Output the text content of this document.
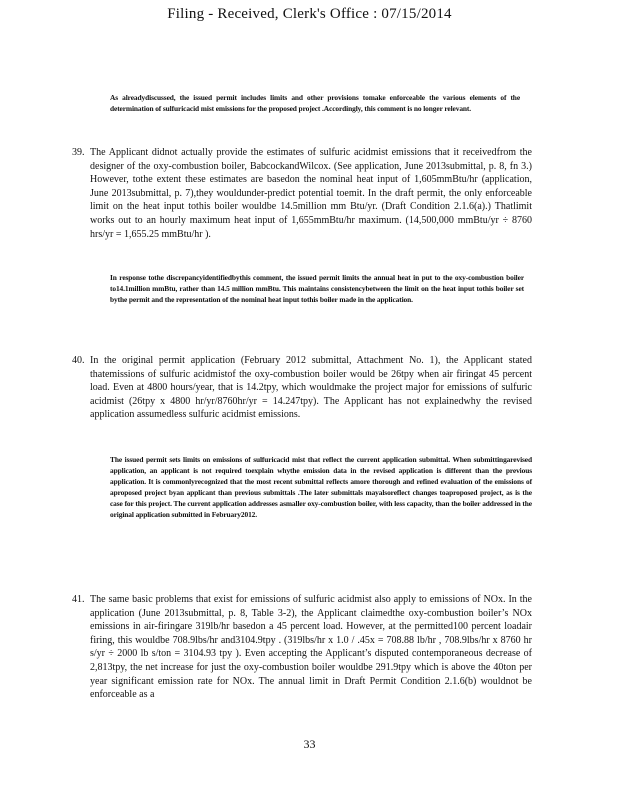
Filing - Received, Clerk's Office : 07/15/2014

As alreadydiscussed, the issued permit includes limits and other provisions tomake enforceable the various elements of the determination of sulfuricacid mist emissions for the proposed project .Accordingly, this comment is no longer relevant.

39. The Applicant didnot actually provide the estimates of sulfuric acidmist emissions that it receivedfrom the designer of the oxy-combustion boiler, BabcockandWilcox. (See application, June 2013submittal, p. 8, fn 3.) However, tothe extent these estimates are basedon the nominal heat input of 1,605mmBtu/hr (application, June 2013submittal, p. 7),they wouldunder-predict potential toemit. In the draft permit, the only enforceable limit on the heat input tothis boiler wouldbe 14.5million mm Btu/yr. (Draft Condition 2.1.6(a).) Thatlimit works out to an hourly maximum heat input of 1,655mmBtu/hr maximum. (14,500,000 mmBtu/yr ÷ 8760 hrs/yr = 1,655.25 mmBtu/hr ).

In response tothe discrepancyidentifiedbythis comment, the issued permit limits the annual heat in put to the oxy-combustion boiler to14.1million mmBtu, rather than 14.5 million mmBtu. This maintains consistencybetween the limit on the heat input tothis boiler set bythe permit and the representation of the nominal heat input tothis boiler made in the application.

40. In the original permit application (February 2012 submittal, Attachment No. 1), the Applicant stated thatemissions of sulfuric acidmistof the oxy-combustion boiler would be 26tpy when air firingat 45 percent load. Even at 4800 hours/year, that is 14.2tpy, which wouldmake the project major for emissions of sulfuric acidmist (26tpy x 4800 hr/yr/8760hr/yr = 14.247tpy). The Applicant has not explainedwhy the revised application assumedless sulfuric acidmist emissions.

The issued permit sets limits on emissions of sulfuricacid mist that reflect the current application submittal. When submittingarevised application, an applicant is not required toexplain whythe emission data in the revised application is different than the previous application. It is commonlyrecognized that the most recent submittal reflects amore thorough and refined evaluation of the emissions of aproposed project byan applicant than previous submittals .The later submittals mayalsoreflect changes toaproposed project, as is the case for this project. The current application addresses asmaller oxy-combustion boiler, with less capacity, than the boiler addressed in the original application submitted in February2012.

41. The same basic problems that exist for emissions of sulfuric acidmist also apply to emissions of NOx. In the application (June 2013submittal, p. 8, Table 3-2), the Applicant claimedthe oxy-combustion boiler’s NOx emissions in air-firingare 319lb/hr basedon a 45 percent load. However, at the permitted100 percent loadair firing, this wouldbe 708.9lbs/hr and3104.9tpy . (319lbs/hr x 1.0 / .45x = 708.88 lb/hr , 708.9lbs/hr x 8760 hr s/yr ÷ 2000 lb s/ton = 3104.93 tpy ). Even accepting the Applicant’s disputed contemporaneous decrease of 2,813tpy, the net increase for just the oxy-combustion boiler wouldbe 291.9tpy which is above the 40ton per year significant emission rate for NOx. The annual limit in Draft Permit Condition 2.1.6(b) wouldnot be enforceable as a
33
